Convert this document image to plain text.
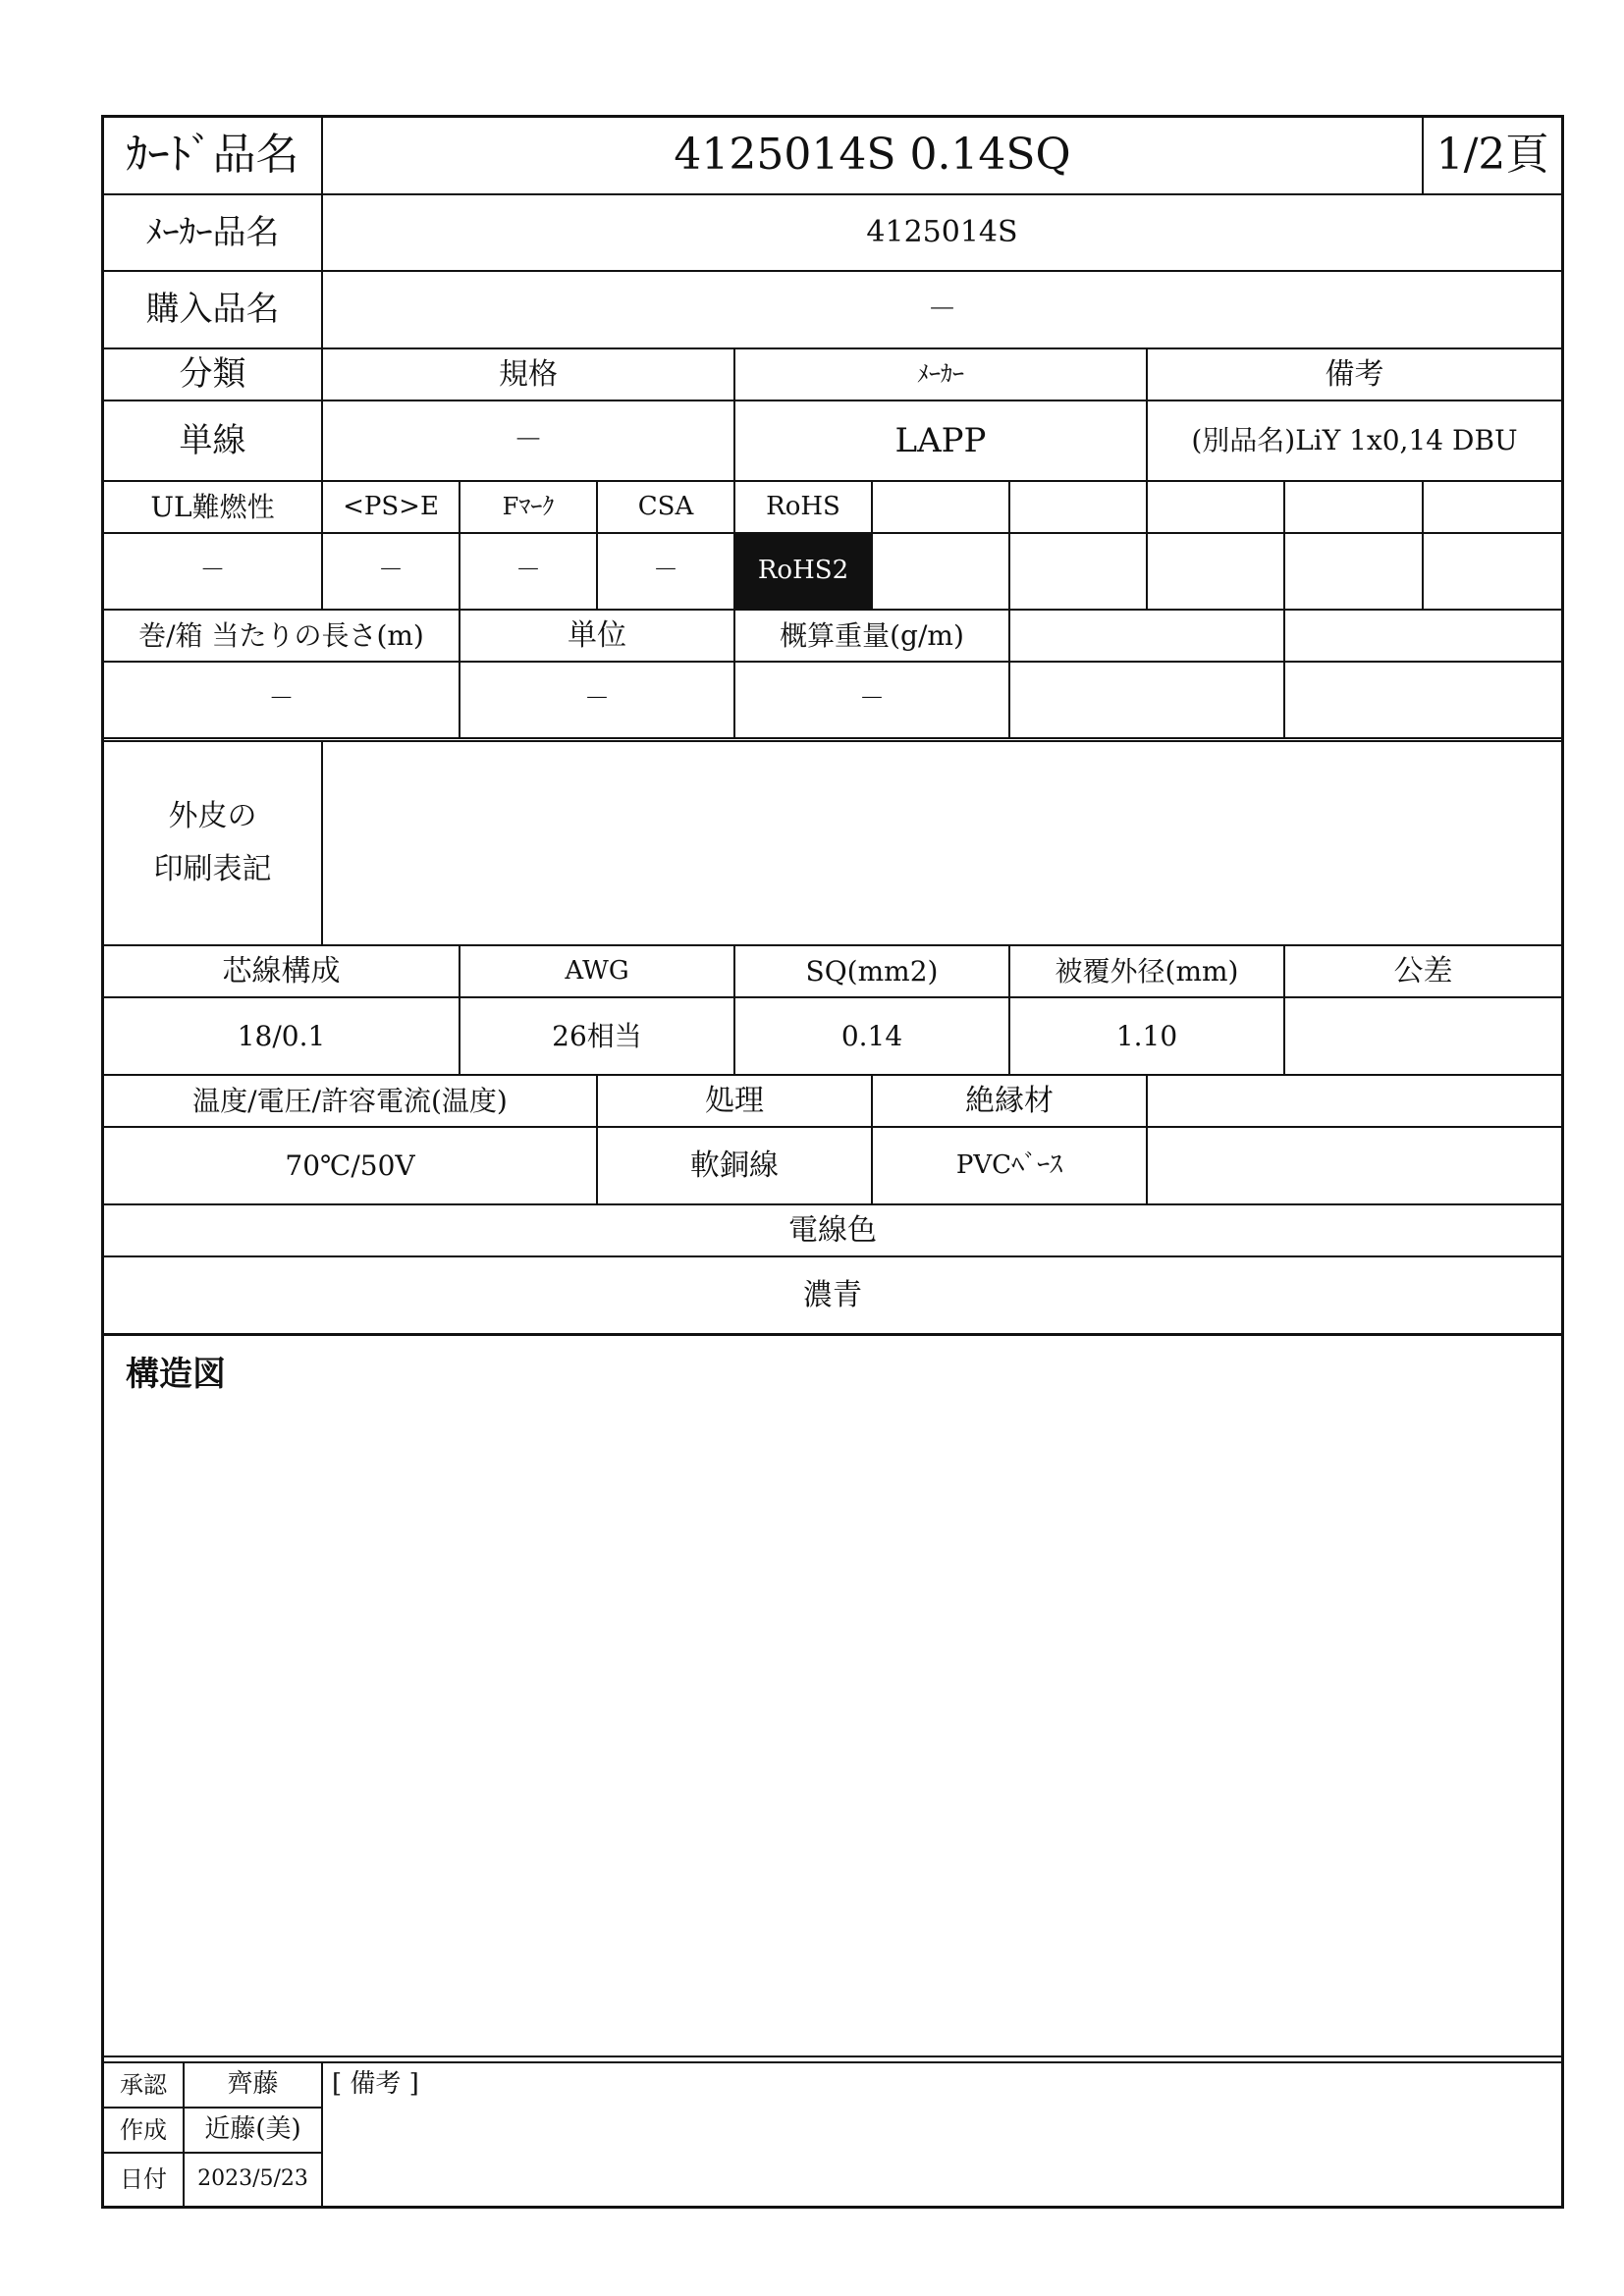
ｶｰﾄﾞ品名	4125014S 0.14SQ	1/2頁
ﾒｰｶｰ品名	4125014S
購入品名	－
分類	規格	ﾒｰｶｰ	備考
単線	－	LAPP	(別品名)LiY 1x0,14 DBU
UL難燃性	<PS>E	Fﾏｰｸ	CSA	RoHS
－	－	－	－	RoHS2
巻/箱 当たりの長さ(m)	単位	概算重量(g/m)
－	－	－
外皮の
印刷表記
芯線構成	AWG	SQ(mm2)	被覆外径(mm)	公差
18/0.1	26相当	0.14	1.10
温度/電圧/許容電流(温度)	処理	絶縁材
70℃/50V	軟銅線	PVCﾍﾞｰｽ
電線色
濃青
構造図
承認	齊藤
作成	近藤(美)
日付	2023/5/23
[ 備考 ]
